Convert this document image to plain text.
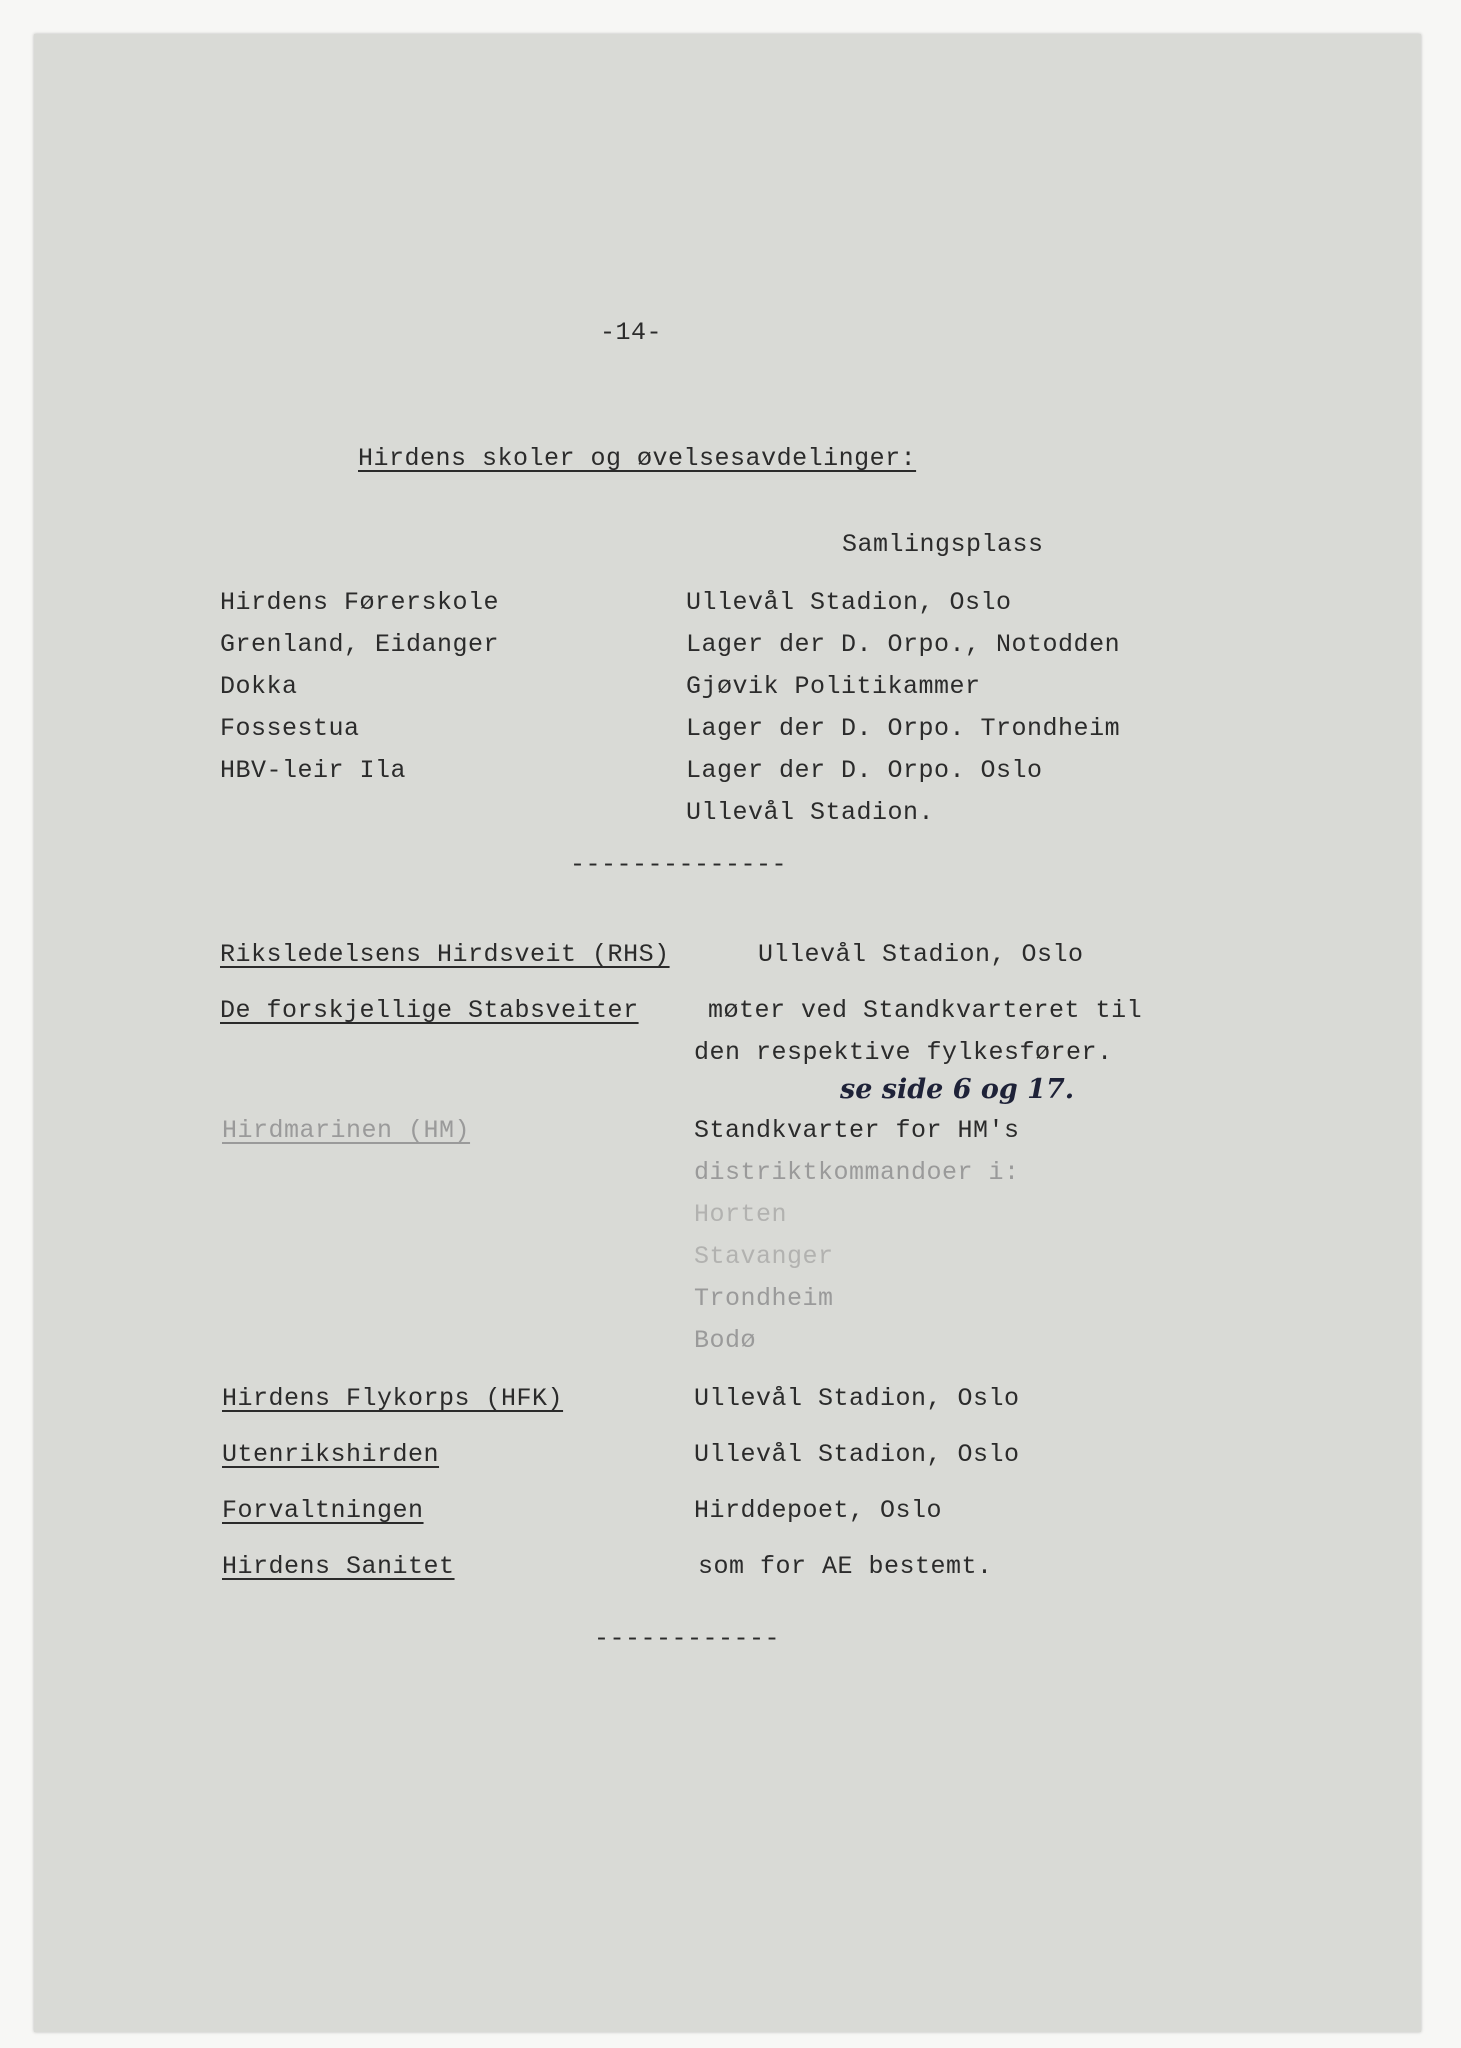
-14-
Hirdens skoler og øvelsesavdelinger:
Samlingsplass
Hirdens Førerskole	Ullevål Stadion, Oslo
Grenland, Eidanger	Lager der D. Orpo., Notodden
Dokka	Gjøvik Politikammer
Fossestua	Lager der D. Orpo. Trondheim
HBV-leir Ila	Lager der D. Orpo. Oslo
Ullevål Stadion.
--------------
Riksledelsens Hirdsveit (RHS)	Ullevål Stadion, Oslo
De forskjellige Stabsveiter	møter ved Standkvarteret til
den respektive fylkesfører.
se side 6 og 17.
Hirdmarinen (HM)	Standkvarter for HM's
distriktkommandoer i:
Horten
Stavanger
Trondheim
Bodø
Hirdens Flykorps (HFK)	Ullevål Stadion, Oslo
Utenrikshirden	Ullevål Stadion, Oslo
Forvaltningen	Hirddepoet, Oslo
Hirdens Sanitet	som for AE bestemt.
------------
